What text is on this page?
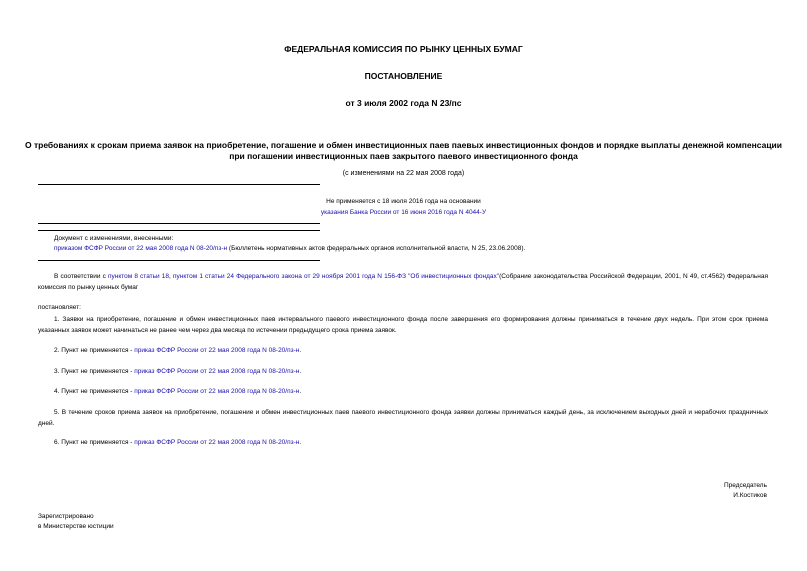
ФЕДЕРАЛЬНАЯ КОМИССИЯ ПО РЫНКУ ЦЕННЫХ БУМАГ
ПОСТАНОВЛЕНИЕ
от 3 июля 2002 года N 23/пс
О требованиях к срокам приема заявок на приобретение, погашение и обмен инвестиционных паев паевых инвестиционных фондов и порядке выплаты денежной компенсации при погашении инвестиционных паев закрытого паевого инвестиционного фонда
(с изменениями на 22 мая 2008 года)
Не применяется с 18 июля 2016 года на основании
указания Банка России от 16 июня 2016 года N 4044-У
Документ с изменениями, внесенными:
приказом ФСФР России от 22 мая 2008 года N 08-20/пз-н (Бюллетень нормативных актов федеральных органов исполнительной власти, N 25, 23.06.2008).
В соответствии с пунктом 8 статьи 18, пунктом 1 статьи 24 Федерального закона от 29 ноября 2001 года N 156-ФЗ "Об инвестиционных фондах"(Собрание законодательства Российской Федерации, 2001, N 49, ст.4562) Федеральная комиссия по рынку ценных бумаг
постановляет:
1. Заявки на приобретение, погашение и обмен инвестиционных паев интервального паевого инвестиционного фонда после завершения его формирования должны приниматься в течение двух недель. При этом срок приема указанных заявок может начинаться не ранее чем через два месяца по истечении предыдущего срока приема заявок.
2. Пункт не применяется - приказ ФСФР России от 22 мая 2008 года N 08-20/пз-н.
3. Пункт не применяется - приказ ФСФР России от 22 мая 2008 года N 08-20/пз-н.
4. Пункт не применяется - приказ ФСФР России от 22 мая 2008 года N 08-20/пз-н.
5. В течение сроков приема заявок на приобретение, погашение и обмен инвестиционных паев паевого инвестиционного фонда заявки должны приниматься каждый день, за исключением выходных дней и нерабочих праздничных дней.
6. Пункт не применяется - приказ ФСФР России от 22 мая 2008 года N 08-20/пз-н.
Председатель
И.Костиков
Зарегистрировано
в Министерстве юстиции
